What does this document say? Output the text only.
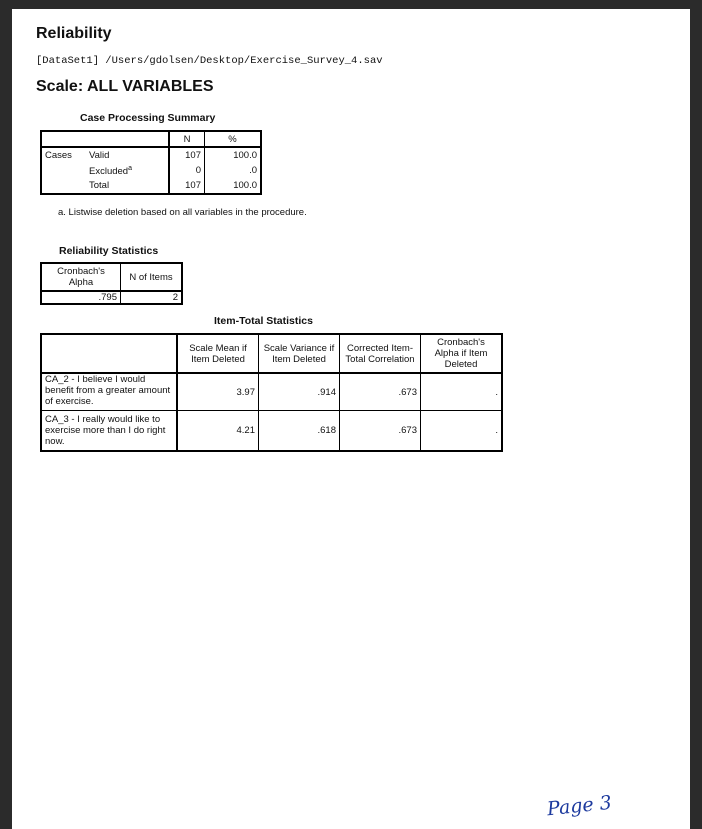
Reliability
[DataSet1] /Users/gdolsen/Desktop/Exercise_Survey_4.sav
Scale: ALL VARIABLES
Case Processing Summary
		N	%
Cases	Valid	107	100.0
	Excluded$^a$	0	.0
	Total	107	100.0
a. Listwise deletion based on all variables in the procedure.
Reliability Statistics
Cronbach's Alpha	N of Items
.795	2
Item-Total Statistics
	Scale Mean if Item Deleted	Scale Variance if Item Deleted	Corrected Item-Total Correlation	Cronbach's Alpha if Item Deleted
CA_2 - I believe I would benefit from a greater amount of exercise.	3.97	.914	.673	.
CA_3 - I really would like to exercise more than I do right now.	4.21	.618	.673	.
Page 3
